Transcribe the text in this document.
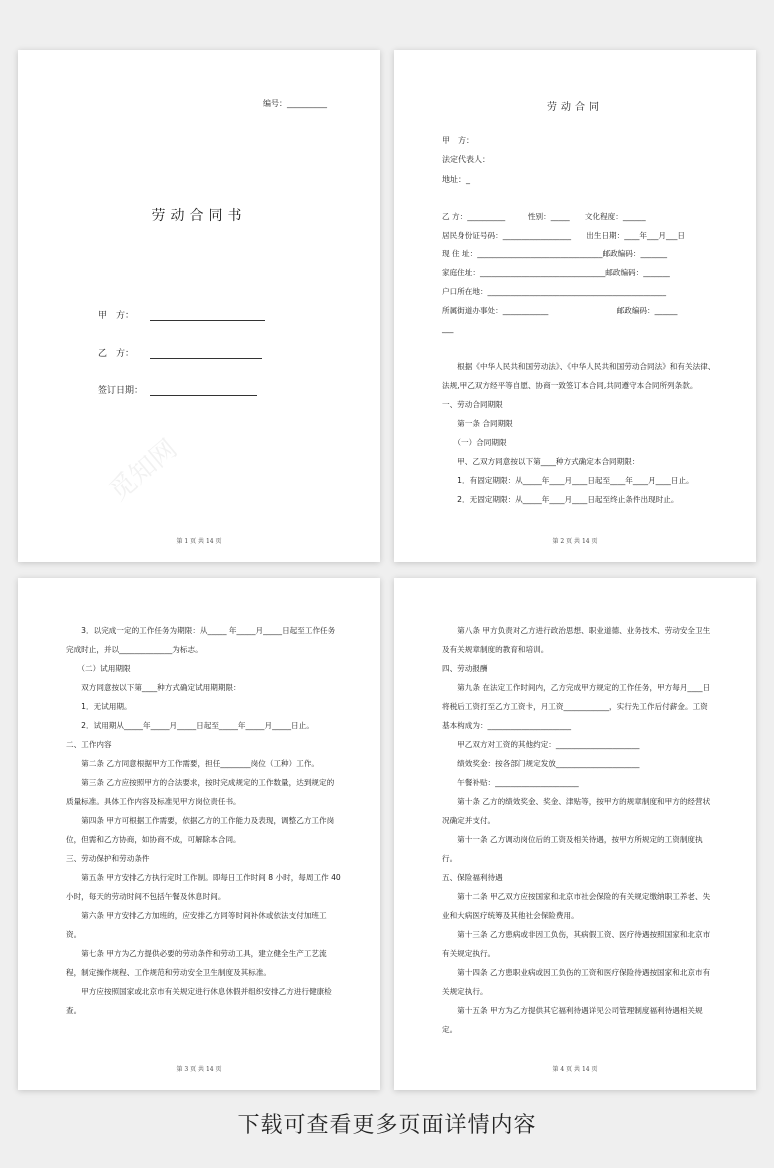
编号：__________
劳动合同书
甲　方：
乙　方：
签订日期：
觅知网
第 1 页 共 14 页
劳动合同
甲　方：
法定代表人：
地址：_
乙 方：__________　　　性别：_____　　文化程度：______
居民身份证号码：__________________　　出生日期：____年___月___日
现 住 址：_________________________________邮政编码：_______
家庭住址：_________________________________邮政编码：_______
户口所在地：_______________________________________________
所属街道办事处：____________　　　　　　　　　邮政编码：______
___
　　根据《中华人民共和国劳动法》、《中华人民共和国劳动合同法》和有关法律、
法规,甲乙双方经平等自愿、协商一致签订本合同,共同遵守本合同所列条款。
一、劳动合同期限
　　第一条 合同期限
　　（一）合同期限
　　甲、乙双方同意按以下第____种方式确定本合同期限：
　　1．有固定期限：从_____年____月____日起至____年____月____日止。
　　2．无固定期限：从_____年____月____日起至终止条件出现时止。
第 2 页 共 14 页
　　3．以完成一定的工作任务为期限：从_____ 年_____月_____日起至工作任务
完成时止，并以______________为标志。
　　（二）试用期限
　　双方同意按以下第____种方式确定试用期期限：
　　1．无试用期。
　　2．试用期从_____年_____月_____日起至_____年_____月_____日止。
二、工作内容
　　第二条 乙方同意根据甲方工作需要，担任________岗位（工种）工作。
　　第三条 乙方应按照甲方的合法要求，按时完成规定的工作数量，达到规定的
质量标准。具体工作内容及标准见甲方岗位责任书。
　　第四条 甲方可根据工作需要，依据乙方的工作能力及表现，调整乙方工作岗
位，但需和乙方协商，如协商不成，可解除本合同。
三、劳动保护和劳动条件
　　第五条 甲方安排乙方执行定时工作制。即每日工作时间 8 小时，每周工作 40
小时，每天的劳动时间不包括午餐及休息时间。
　　第六条 甲方安排乙方加班的，应安排乙方同等时间补休或依法支付加班工
资。
　　第七条 甲方为乙方提供必要的劳动条件和劳动工具，建立健全生产工艺流
程，制定操作规程、工作规范和劳动安全卫生制度及其标准。
　　甲方应按照国家或北京市有关规定进行休息休假并组织安排乙方进行健康检
查。
第 3 页 共 14 页
　　第八条 甲方负责对乙方进行政治思想、职业道德、业务技术、劳动安全卫生
及有关规章制度的教育和培训。
四、劳动报酬
　　第九条 在法定工作时间内，乙方完成甲方规定的工作任务，甲方每月____日
将税后工资打至乙方工资卡，月工资____________，实行先工作后付薪金。工资
基本构成为：______________________
　　甲乙双方对工资的其他约定：______________________
　　绩效奖金：按各部门规定发放______________________
　　午餐补贴：______________________
　　第十条 乙方的绩效奖金、奖金、津贴等，按甲方的规章制度和甲方的经营状
况确定并支付。
　　第十一条 乙方调动岗位后的工资及相关待遇，按甲方所规定的工资制度执
行。
五、保险福利待遇
　　第十二条 甲乙双方应按国家和北京市社会保险的有关规定缴纳职工养老、失
业和大病医疗统筹及其他社会保险费用。
　　第十三条 乙方患病或非因工负伤，其病假工资、医疗待遇按照国家和北京市
有关规定执行。
　　第十四条 乙方患职业病或因工负伤的工资和医疗保险待遇按国家和北京市有
关规定执行。
　　第十五条 甲方为乙方提供其它福利待遇详见公司管理制度福利待遇相关规
定。
第 4 页 共 14 页
下载可查看更多页面详情内容
